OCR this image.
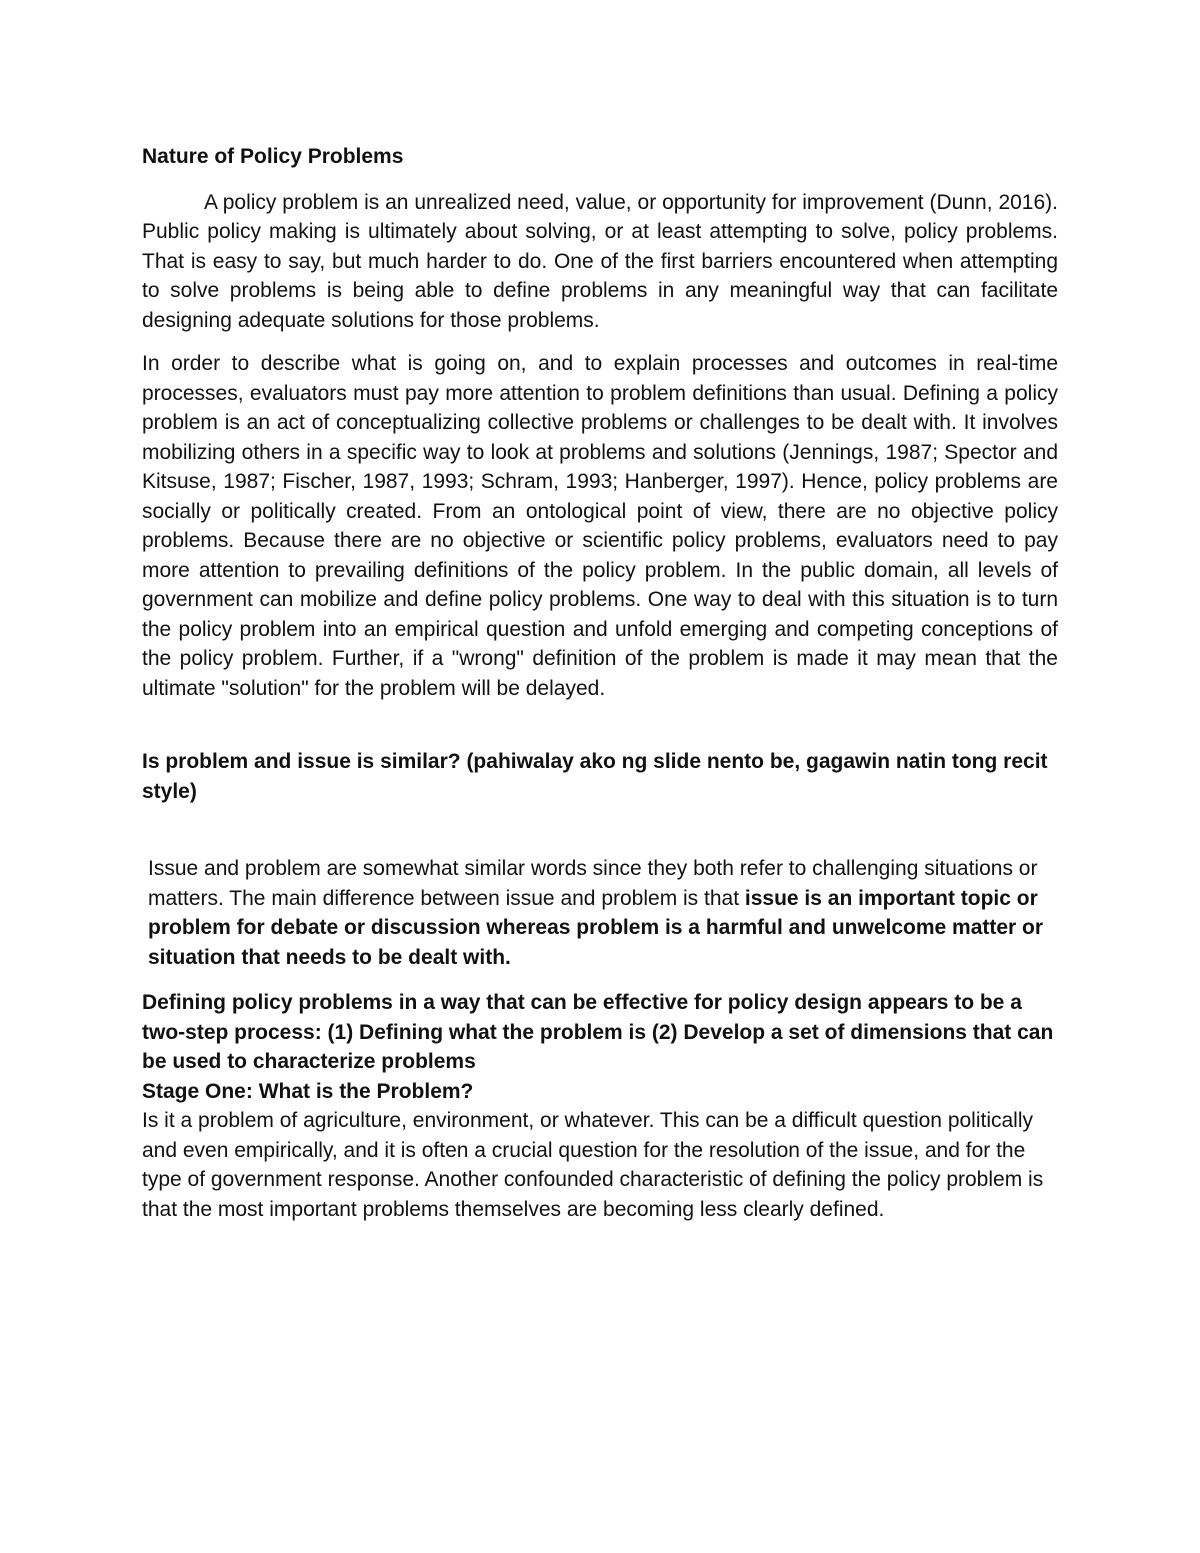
Nature of Policy Problems

A policy problem is an unrealized need, value, or opportunity for improvement (Dunn, 2016). Public policy making is ultimately about solving, or at least attempting to solve, policy problems. That is easy to say, but much harder to do. One of the first barriers encountered when attempting to solve problems is being able to define problems in any meaningful way that can facilitate designing adequate solutions for those problems.

In order to describe what is going on, and to explain processes and outcomes in real-time processes, evaluators must pay more attention to problem definitions than usual. Defining a policy problem is an act of conceptualizing collective problems or challenges to be dealt with. It involves mobilizing others in a specific way to look at problems and solutions (Jennings, 1987; Spector and Kitsuse, 1987; Fischer, 1987, 1993; Schram, 1993; Hanberger, 1997). Hence, policy problems are socially or politically created. From an ontological point of view, there are no objective policy problems. Because there are no objective or scientific policy problems, evaluators need to pay more attention to prevailing definitions of the policy problem. In the public domain, all levels of government can mobilize and define policy problems. One way to deal with this situation is to turn the policy problem into an empirical question and unfold emerging and competing conceptions of the policy problem. Further, if a "wrong" definition of the problem is made it may mean that the ultimate "solution" for the problem will be delayed.

Is problem and issue is similar? (pahiwalay ako ng slide nento be, gagawin natin tong recit style)

Issue and problem are somewhat similar words since they both refer to challenging situations or matters. The main difference between issue and problem is that issue is an important topic or problem for debate or discussion whereas problem is a harmful and unwelcome matter or situation that needs to be dealt with.

Defining policy problems in a way that can be effective for policy design appears to be a two-step process: (1) Defining what the problem is (2) Develop a set of dimensions that can be used to characterize problems
Stage One: What is the Problem?

Is it a problem of agriculture, environment, or whatever. This can be a difficult question politically and even empirically, and it is often a crucial question for the resolution of the issue, and for the type of government response. Another confounded characteristic of defining the policy problem is that the most important problems themselves are becoming less clearly defined.
